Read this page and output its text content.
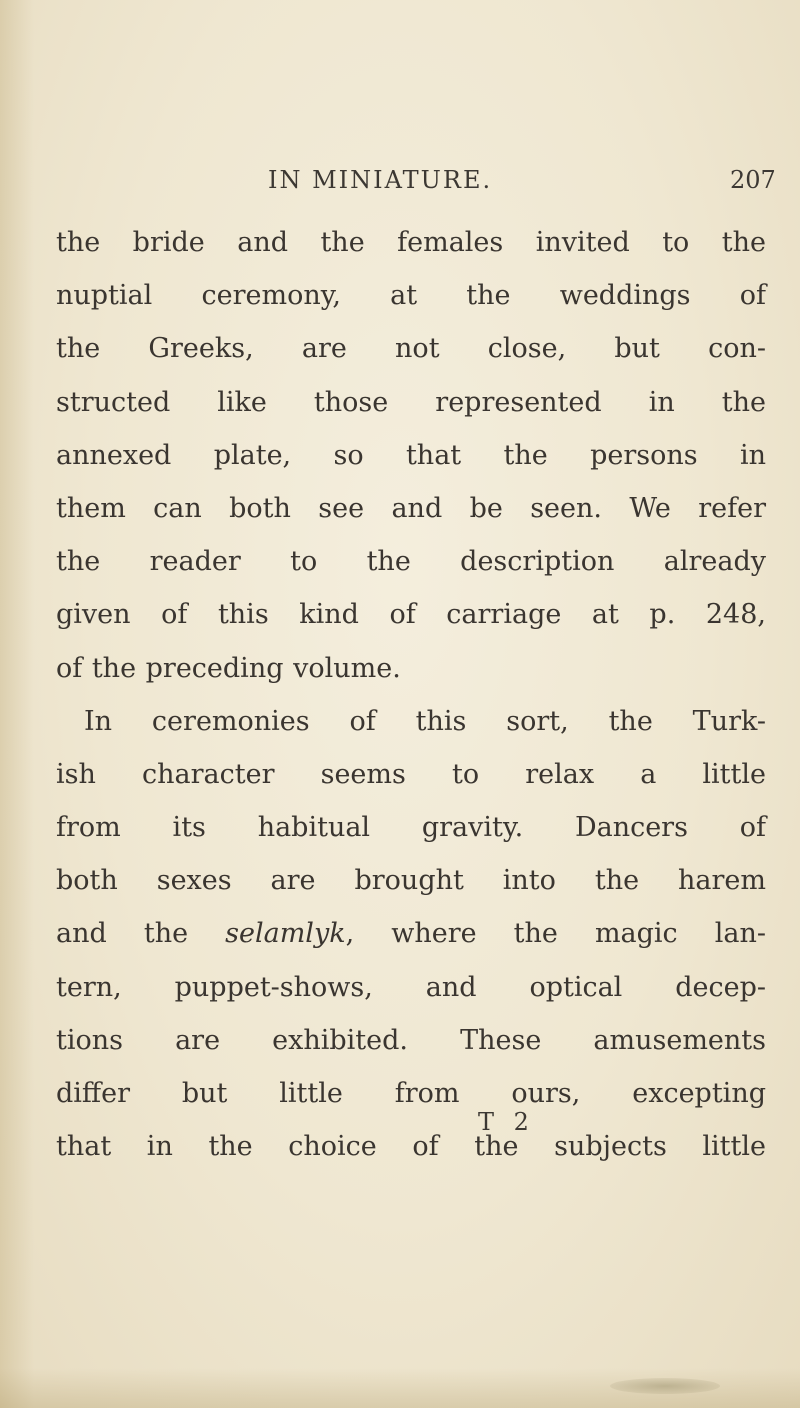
IN MINIATURE.	207
the bride and the females invited to the
nuptial ceremony, at the weddings of
the Greeks, are not close, but con-
structed like those represented in the
annexed plate, so that the persons in
them can both see and be seen. We refer
the reader to the description already
given of this kind of carriage at p. 248,
of the preceding volume.
In ceremonies of this sort, the Turk-
ish character seems to relax a little
from its habitual gravity. Dancers of
both sexes are brought into the harem
and the selamlyk, where the magic lan-
tern, puppet-shows, and optical decep-
tions are exhibited. These amusements
differ but little from ours, excepting
that in the choice of the subjects little
T 2
